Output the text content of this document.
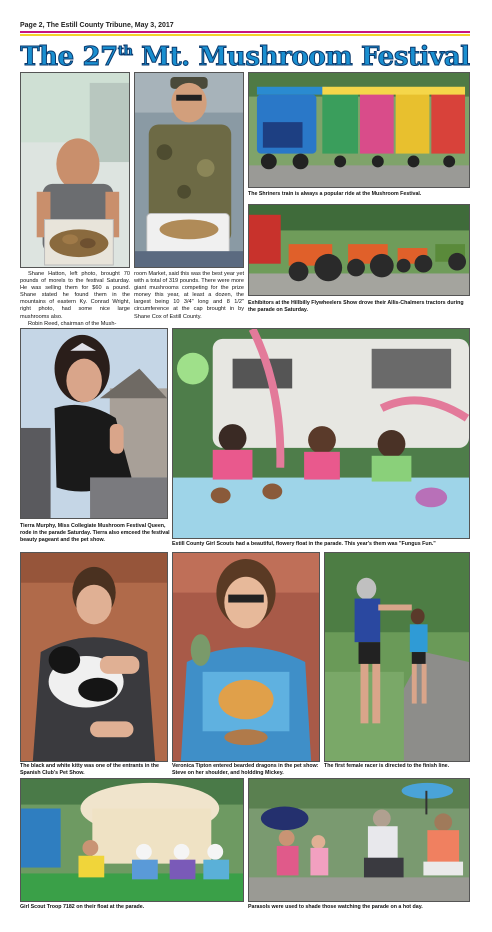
Page 2, The Estill County Tribune, May 3, 2017
The 27th Mt. Mushroom Festival
The Shriners train is always a popular ride at the Mushroom Festival.
Exhibitors at the Hillbilly Flywheelers Show drove their Allis-Chalmers tractors during the parade on Saturday.

Shane Hatton, left photo, brought 70 pounds of morels to the festival Saturday. He was selling them for $60 a pound. Shane stated he found them in the mountains of eastern Ky. Conrad Wright, right photo, had some nice large mushrooms also.

Robin Reed, chairman of the Mush-

room Market, said this was the best year yet with a total of 319 pounds. There were more giant mushrooms competing for the prize money this year, at least a dozen, the largest being 10 3/4" long and 8 1/2" circumference at the cap brought in by Shane Cox of Estill County.

Tierra Murphy, Miss Collegiate Mushroom Festival Queen, rode in the parade Saturday. Tierra also emceed the festival beauty pageant and the pet show.
Estill County Girl Scouts had a beautiful, flowery float in the parade. This year's them was "Fungus Fun."
The black and white kitty was one of the entrants in the Spanish Club's Pet Show.
Veronica Tipton entered bearded dragons in the pet show: Steve on her shoulder, and holdding Mickey.
The first female racer is directed to the finish line.
Girl Scout Troop 7182 on their float at the parade.	Parasols were used to shade those watching the parade on a hot day.
